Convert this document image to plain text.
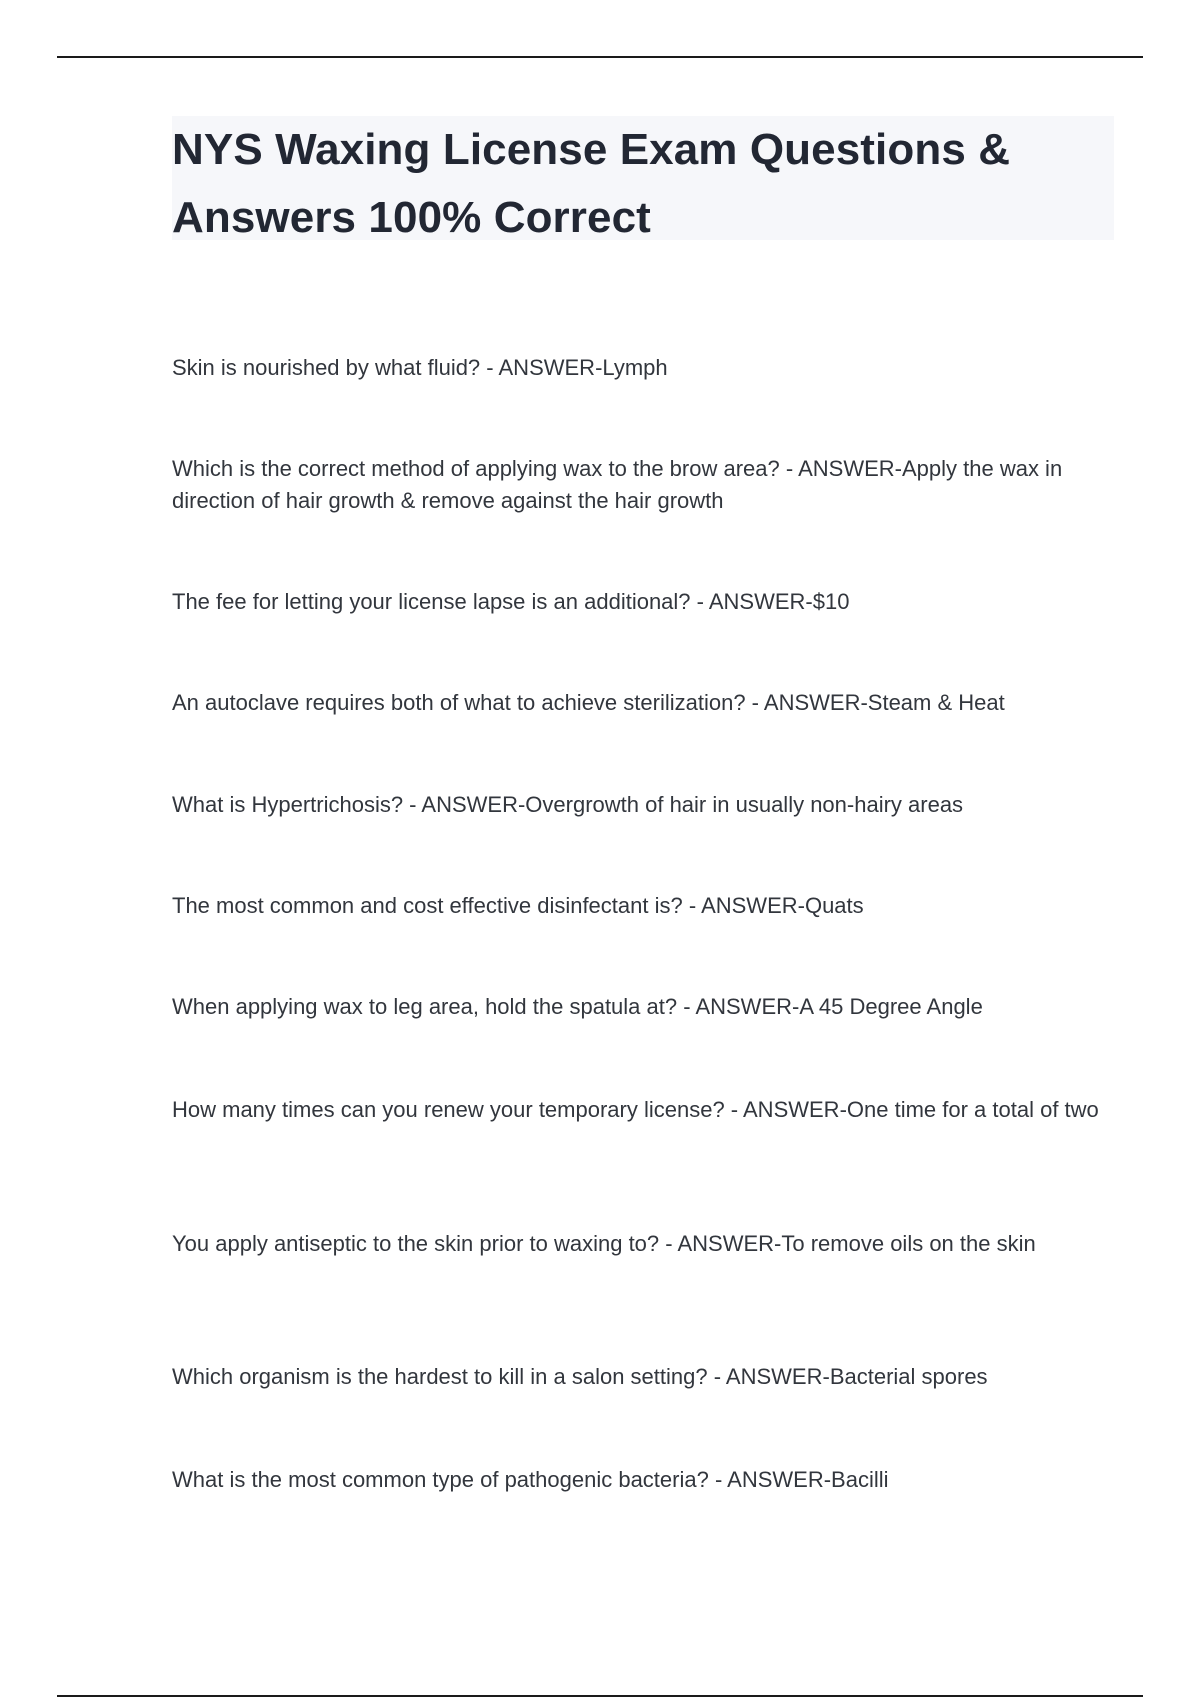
NYS Waxing License Exam Questions & Answers 100% Correct
Skin is nourished by what fluid? - ANSWER-Lymph
Which is the correct method of applying wax to the brow area? - ANSWER-Apply the wax in direction of hair growth & remove against the hair growth
The fee for letting your license lapse is an additional? - ANSWER-$10
An autoclave requires both of what to achieve sterilization? - ANSWER-Steam & Heat
What is Hypertrichosis? - ANSWER-Overgrowth of hair in usually non-hairy areas
The most common and cost effective disinfectant is? - ANSWER-Quats
When applying wax to leg area, hold the spatula at? - ANSWER-A 45 Degree Angle
How many times can you renew your temporary license? - ANSWER-One time for a total of two
You apply antiseptic to the skin prior to waxing to? - ANSWER-To remove oils on the skin
Which organism is the hardest to kill in a salon setting? - ANSWER-Bacterial spores
What is the most common type of pathogenic bacteria? - ANSWER-Bacilli
